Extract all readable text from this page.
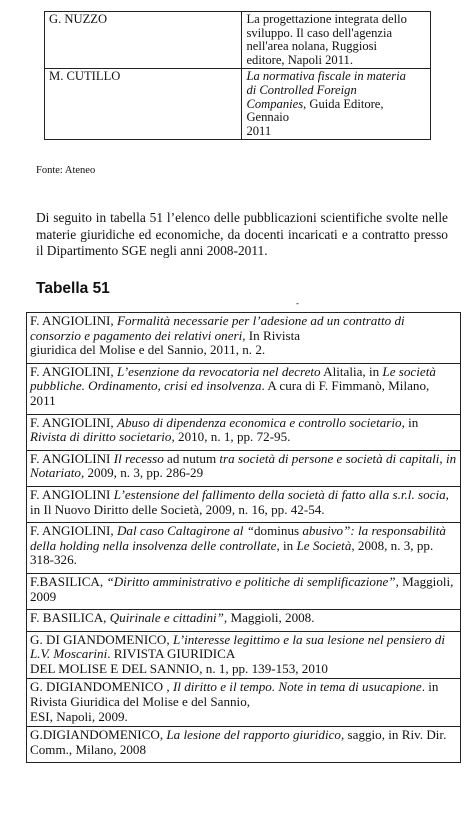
G. NUZZO	La progettazione integrata dello
sviluppo. Il caso dell'agenzia
nell'area nolana, Ruggiosi
editore, Napoli 2011.

M. CUTILLO	La normativa fiscale in materia
di Controlled Foreign
Companies, Guida Editore,
Gennaio
2011
Fonte: Ateneo
Di seguito in tabella 51 l’elenco delle pubblicazioni scientifiche svolte nelle materie giuridiche ed economiche, da docenti incaricati e a contratto presso il Dipartimento SGE negli anni 2008-2011.
Tabella 51
-
F. ANGIOLINI, Formalità necessarie per l’adesione ad un contratto di consorzio e pagamento dei relativi oneri, In Rivista
giuridica del Molise e del Sannio, 2011, n. 2.

F. ANGIOLINI, L’esenzione da revocatoria nel decreto Alitalia, in Le società pubbliche. Ordinamento, crisi ed insolvenza. A cura di F. Fimmanò, Milano, 2011

F. ANGIOLINI, Abuso di dipendenza economica e controllo societario, in Rivista di diritto societario, 2010, n. 1, pp. 72-95.

F. ANGIOLINI Il recesso ad nutum tra società di persone e società di capitali, in Notariato, 2009, n. 3, pp. 286-29

F. ANGIOLINI L’estensione del fallimento della società di fatto alla s.r.l. socia, in Il Nuovo Diritto delle Società, 2009, n. 16, pp. 42-54.

F. ANGIOLINI, Dal caso Caltagirone al “dominus abusivo”: la responsabilità della holding nella insolvenza delle controllate, in Le Società, 2008, n. 3, pp. 318-326.

F.BASILICA, “Diritto amministrativo e politiche di semplificazione”, Maggioli, 2009

F. BASILICA, Quirinale e cittadini”, Maggioli, 2008.

G. DI GIANDOMENICO, L’interesse legittimo e la sua lesione nel pensiero di L.V. Moscarini. RIVISTA GIURIDICA
DEL MOLISE E DEL SANNIO, n. 1, pp. 139-153, 2010

G. DIGIANDOMENICO , Il diritto e il tempo. Note in tema di usucapione. in Rivista Giuridica del Molise e del Sannio,
ESI, Napoli, 2009.

G.DIGIANDOMENICO, La lesione del rapporto giuridico, saggio, in Riv. Dir. Comm., Milano, 2008
